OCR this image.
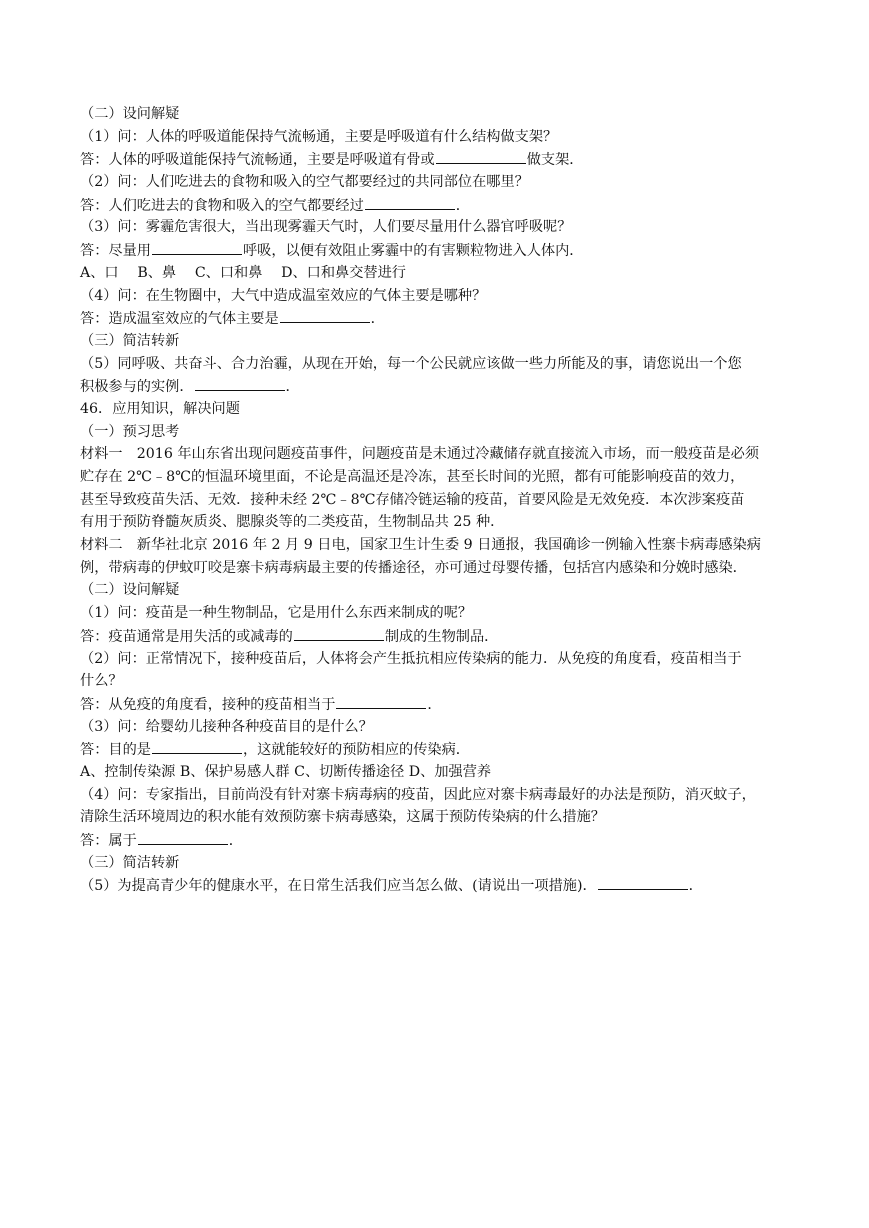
（二）设问解疑
（1）问：人体的呼吸道能保持气流畅通，主要是呼吸道有什么结构做支架？
答：人体的呼吸道能保持气流畅通，主要是呼吸道有骨或	做支架．
（2）问：人们吃进去的食物和吸入的空气都要经过的共同部位在哪里？
答：人们吃进去的食物和吸入的空气都要经过	．
（3）问：雾霾危害很大，当出现雾霾天气时，人们要尽量用什么器官呼吸呢？
答：尽量用	呼吸，以便有效阻止雾霾中的有害颗粒物进入人体内．
A、口　 B、鼻　 C、口和鼻　 D、口和鼻交替进行
（4）问：在生物圈中，大气中造成温室效应的气体主要是哪种？
答：造成温室效应的气体主要是	．
（三）简洁转新
（5）同呼吸、共奋斗、合力治霾，从现在开始，每一个公民就应该做一些力所能及的事，请您说出一个您
积极参与的实例．	．
46．应用知识，解决问题
（一）预习思考
材料一　2016 年山东省出现问题疫苗事件，问题疫苗是未通过冷藏储存就直接流入市场，而一般疫苗是必须
贮存在 2℃﹣8℃的恒温环境里面，不论是高温还是冷冻，甚至长时间的光照，都有可能影响疫苗的效力，
甚至导致疫苗失活、无效．接种未经 2℃﹣8℃存储冷链运输的疫苗，首要风险是无效免疫．本次涉案疫苗
有用于预防脊髓灰质炎、腮腺炎等的二类疫苗，生物制品共 25 种．
材料二　新华社北京 2016 年 2 月 9 日电，国家卫生计生委 9 日通报，我国确诊一例输入性寨卡病毒感染病
例，带病毒的伊蚊叮咬是寨卡病毒病最主要的传播途径，亦可通过母婴传播，包括宫内感染和分娩时感染．
（二）设问解疑
（1）问：疫苗是一种生物制品，它是用什么东西来制成的呢？
答：疫苗通常是用失活的或减毒的	制成的生物制品．
（2）问：正常情况下，接种疫苗后，人体将会产生抵抗相应传染病的能力．从免疫的角度看，疫苗相当于
什么？
答：从免疫的角度看，接种的疫苗相当于	．
（3）问：给婴幼儿接种各种疫苗目的是什么？
答：目的是	，这就能较好的预防相应的传染病．
A、控制传染源 B、保护易感人群 C、切断传播途径 D、加强营养
（4）问：专家指出，目前尚没有针对寨卡病毒病的疫苗，因此应对寨卡病毒最好的办法是预防，消灭蚊子，
清除生活环境周边的积水能有效预防寨卡病毒感染，这属于预防传染病的什么措施？
答：属于	．
（三）简洁转新
（5）为提高青少年的健康水平，在日常生活我们应当怎么做、(请说出一项措施)．	．
